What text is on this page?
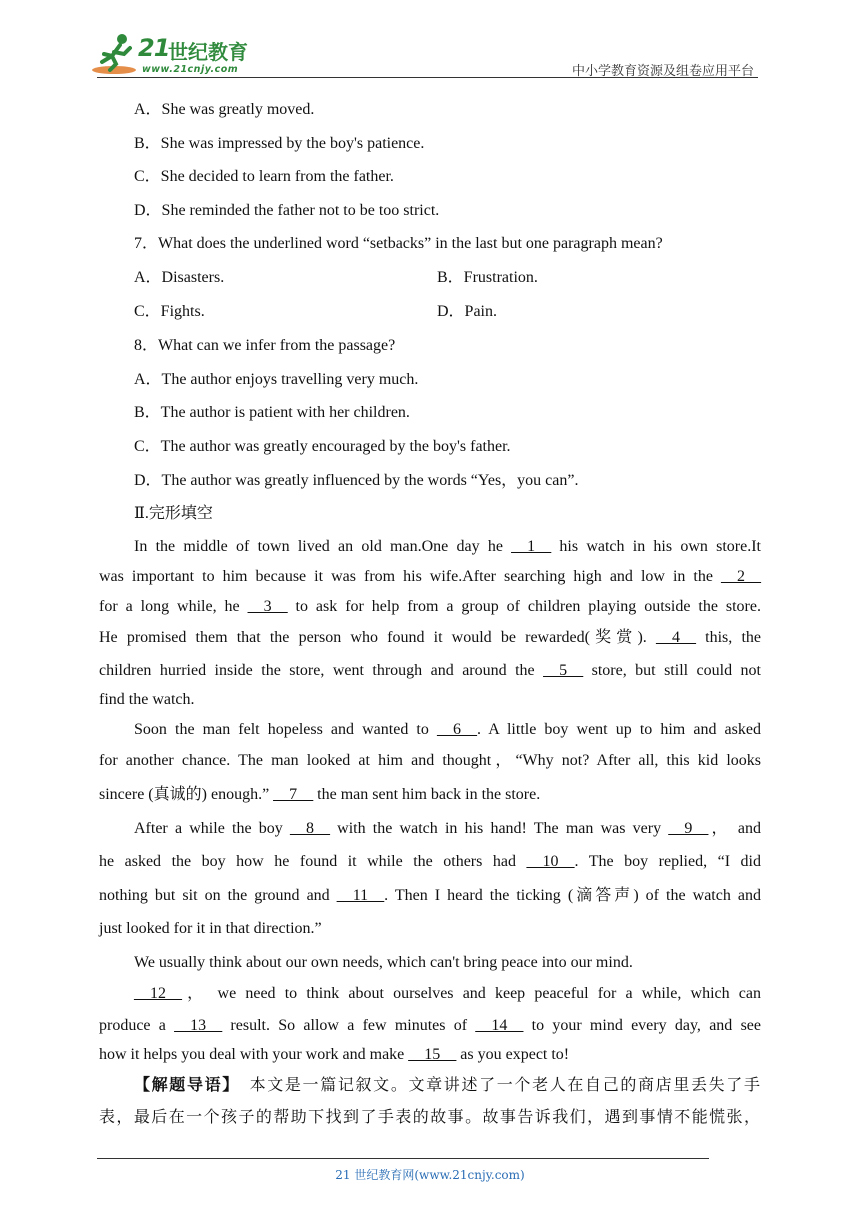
21
世纪教育
www.21cnjy.com	中小学教育资源及组卷应用平台
A．She was greatly moved.
B．She was impressed by the boy's patience.
C．She decided to learn from the father.
D．She reminded the father not to be too strict.
7．What does the underlined word “setbacks” in the last but one paragraph mean?
A．Disasters.	B．Frustration.
C．Fights.	D．Pain.
8．What can we infer from the passage?
A．The author enjoys travelling very much.
B．The author is patient with her children.
C．The author was greatly encouraged by the boy's father.
D．The author was greatly influenced by the words “Yes，you can”.
Ⅱ.完形填空
In the middle of town lived an old man.One day he __1__ his watch in his own store.It
was important to him because it was from his wife.After searching high and low in the __2__
for a long while, he __3__ to ask for help from a group of children playing outside the store.
He promised them that the person who found it would be rewarded(奖赏). __4__ this, the
children hurried inside the store, went through and around the __5__ store, but still could not
find the watch.
Soon the man felt hopeless and wanted to __6__. A little boy went up to him and asked
for another chance. The man looked at him and thought，“Why not? After all, this kid looks
sincere (真诚的) enough.” __7__ the man sent him back in the store.
After a while the boy __8__ with the watch in his hand! The man was very __9__， and
he asked the boy how he found it while the others had __10__. The boy replied, “I did
nothing but sit on the ground and __11__. Then I heard the ticking (滴答声) of the watch and
just looked for it in that direction.”
We usually think about our own needs, which can't bring peace into our mind.
__12__， we need to think about ourselves and keep peaceful for a while, which can
produce a __13__ result. So allow a few minutes of __14__ to your mind every day, and see
how it helps you deal with your work and make __15__ as you expect to!
【解题导语】　 本文是一篇记叙文。文章讲述了一个老人在自己的商店里丢失了手
表，最后在一个孩子的帮助下找到了手表的故事。故事告诉我们，遇到事情不能慌张，
21 世纪教育网(www.21cnjy.com)
